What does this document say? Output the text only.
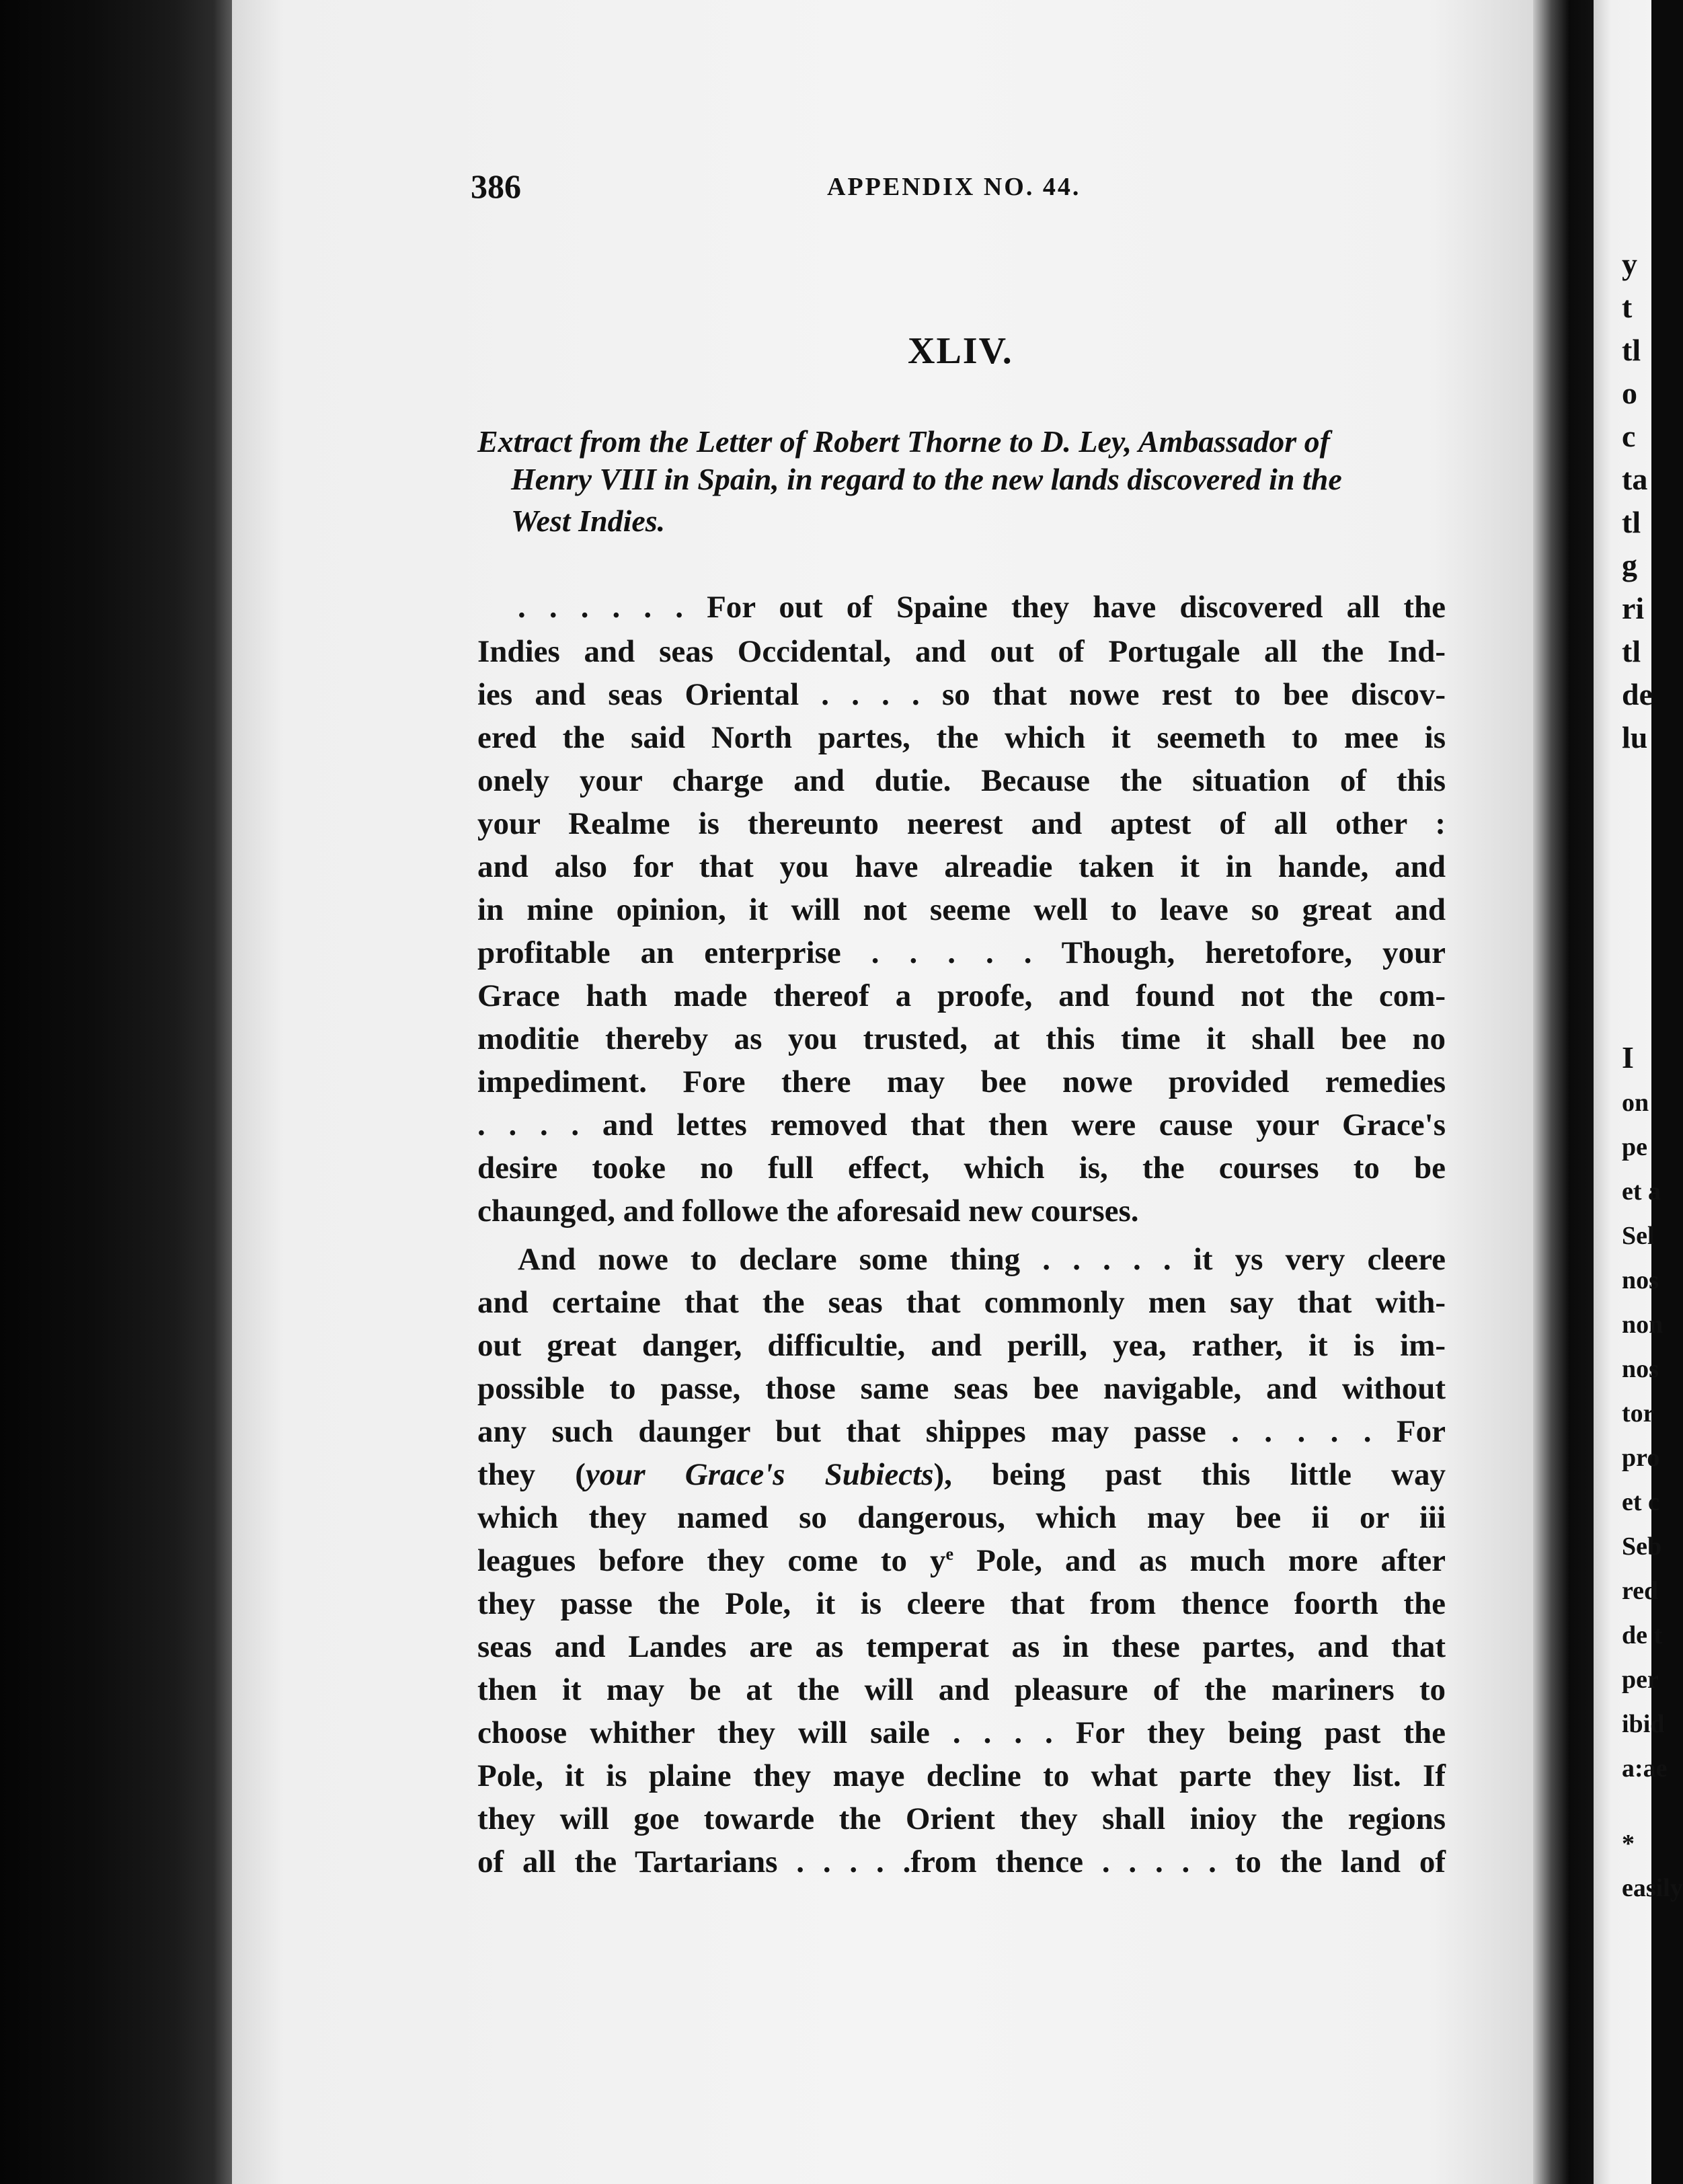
386	APPENDIX NO. 44.
XLIV.
Extract from the Letter of Robert Thorne to D. Ley, Ambassador of
Henry VIII in Spain, in regard to the new lands discovered in the
West Indies.
. . . . . . For out of Spaine they have discovered all the
Indies and seas Occidental, and out of Portugale all the Ind-
ies and seas Oriental . . . . so that nowe rest to bee discov-
ered the said North partes, the which it seemeth to mee is
onely your charge and dutie. Because the situation of this
your Realme is thereunto neerest and aptest of all other :
and also for that you have alreadie taken it in hande, and
in mine opinion, it will not seeme well to leave so great and
profitable an enterprise . . . . . Though, heretofore, your
Grace hath made thereof a proofe, and found not the com-
moditie thereby as you trusted, at this time it shall bee no
impediment. Fore there may bee nowe provided remedies
. . . . and lettes removed that then were cause your Grace's
desire tooke no full effect, which is, the courses to be
chaunged, and followe the aforesaid new courses.
And nowe to declare some thing . . . . . it ys very cleere
and certaine that the seas that commonly men say that with-
out great danger, difficultie, and perill, yea, rather, it is im-
possible to passe, those same seas bee navigable, and without
any such daunger but that shippes may passe . . . . . For
they (your Grace's Subiects), being past this little way
which they named so dangerous, which may bee ii or iii
leagues before they come to $y^e$ Pole, and as much more after
they passe the Pole, it is cleere that from thence foorth the
seas and Landes are as temperat as in these partes, and that
then it may be at the will and pleasure of the mariners to
choose whither they will saile . . . . For they being past the
Pole, it is plaine they maye decline to what parte they list. If
they will goe towarde the Orient they shall inioy the regions
of all the Tartarians . . . . .from thence . . . . . to the land of
y
t
tl
o
c
ta
tl
g
ri
tl
de
lu
I
on
pe
et a
Sel
nos
non
nos
tor
pro
et c
Seb
red
de t
per
ibid
a:ae
*
easily
